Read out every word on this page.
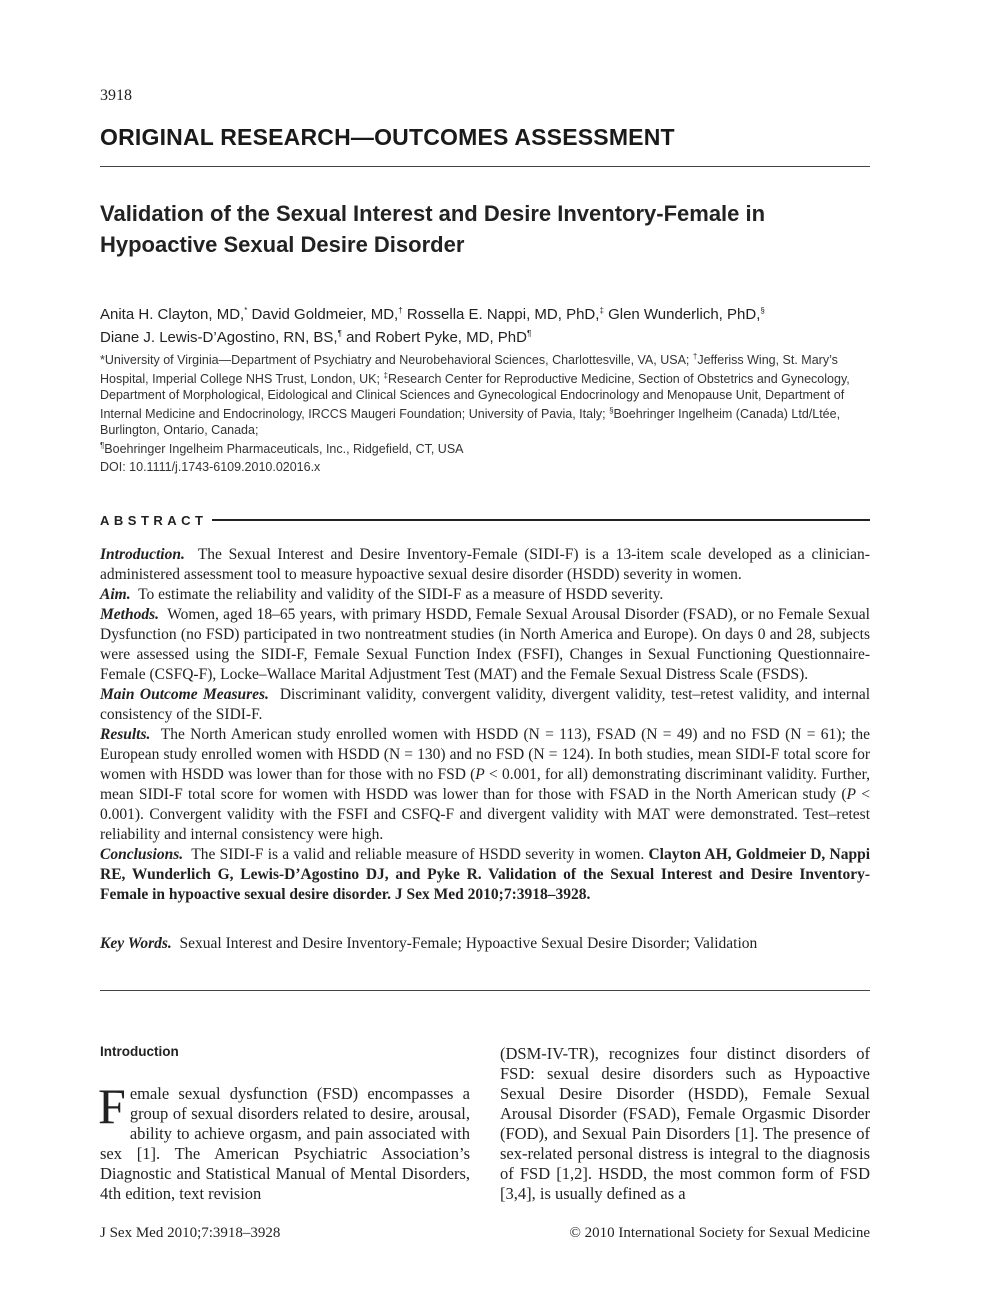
3918
ORIGINAL RESEARCH—OUTCOMES ASSESSMENT
Validation of the Sexual Interest and Desire Inventory-Female in Hypoactive Sexual Desire Disorder
Anita H. Clayton, MD,* David Goldmeier, MD,† Rossella E. Nappi, MD, PhD,‡ Glen Wunderlich, PhD,§
Diane J. Lewis-D’Agostino, RN, BS,¶ and Robert Pyke, MD, PhD¶
*University of Virginia—Department of Psychiatry and Neurobehavioral Sciences, Charlottesville, VA, USA; †Jefferiss Wing, St. Mary’s Hospital, Imperial College NHS Trust, London, UK; ‡Research Center for Reproductive Medicine, Section of Obstetrics and Gynecology, Department of Morphological, Eidological and Clinical Sciences and Gynecological Endocrinology and Menopause Unit, Department of Internal Medicine and Endocrinology, IRCCS Maugeri Foundation; University of Pavia, Italy; §Boehringer Ingelheim (Canada) Ltd/Ltée, Burlington, Ontario, Canada;
¶Boehringer Ingelheim Pharmaceuticals, Inc., Ridgefield, CT, USA
DOI: 10.1111/j.1743-6109.2010.02016.x
ABSTRACT

Introduction. The Sexual Interest and Desire Inventory-Female (SIDI-F) is a 13-item scale developed as a clinician-administered assessment tool to measure hypoactive sexual desire disorder (HSDD) severity in women.

Aim. To estimate the reliability and validity of the SIDI-F as a measure of HSDD severity.

Methods. Women, aged 18–65 years, with primary HSDD, Female Sexual Arousal Disorder (FSAD), or no Female Sexual Dysfunction (no FSD) participated in two nontreatment studies (in North America and Europe). On days 0 and 28, subjects were assessed using the SIDI-F, Female Sexual Function Index (FSFI), Changes in Sexual Functioning Questionnaire-Female (CSFQ-F), Locke–Wallace Marital Adjustment Test (MAT) and the Female Sexual Distress Scale (FSDS).

Main Outcome Measures. Discriminant validity, convergent validity, divergent validity, test–retest validity, and internal consistency of the SIDI-F.

Results. The North American study enrolled women with HSDD (N = 113), FSAD (N = 49) and no FSD (N = 61); the European study enrolled women with HSDD (N = 130) and no FSD (N = 124). In both studies, mean SIDI-F total score for women with HSDD was lower than for those with no FSD (P < 0.001, for all) demonstrating discriminant validity. Further, mean SIDI-F total score for women with HSDD was lower than for those with FSAD in the North American study (P < 0.001). Convergent validity with the FSFI and CSFQ-F and divergent validity with MAT were demonstrated. Test–retest reliability and internal consistency were high.

Conclusions. The SIDI-F is a valid and reliable measure of HSDD severity in women. Clayton AH, Goldmeier D, Nappi RE, Wunderlich G, Lewis-D’Agostino DJ, and Pyke R. Validation of the Sexual Interest and Desire Inventory-Female in hypoactive sexual desire disorder. J Sex Med 2010;7:3918–3928.

Key Words. Sexual Interest and Desire Inventory-Female; Hypoactive Sexual Desire Disorder; Validation
Introduction

Female sexual dysfunction (FSD) encompasses a group of sexual disorders related to desire, arousal, ability to achieve orgasm, and pain associated with sex [1]. The American Psychiatric Association’s Diagnostic and Statistical Manual of Mental Disorders, 4th edition, text revision

(DSM-IV-TR), recognizes four distinct disorders of FSD: sexual desire disorders such as Hypoactive Sexual Desire Disorder (HSDD), Female Sexual Arousal Disorder (FSAD), Female Orgasmic Disorder (FOD), and Sexual Pain Disorders [1]. The presence of sex-related personal distress is integral to the diagnosis of FSD [1,2]. HSDD, the most common form of FSD [3,4], is usually defined as a

J Sex Med 2010;7:3918–3928	© 2010 International Society for Sexual Medicine
